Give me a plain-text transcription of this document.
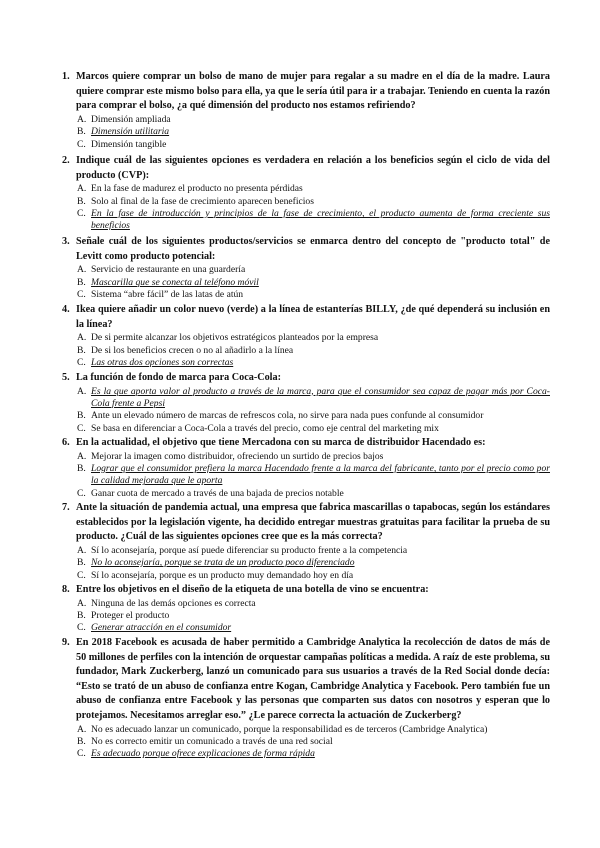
1. Marcos quiere comprar un bolso de mano de mujer para regalar a su madre en el día de la madre. Laura quiere comprar este mismo bolso para ella, ya que le sería útil para ir a trabajar. Teniendo en cuenta la razón para comprar el bolso, ¿a qué dimensión del producto nos estamos refiriendo?
A. Dimensión ampliada
B. Dimensión utilitaria
C. Dimensión tangible
2. Indique cuál de las siguientes opciones es verdadera en relación a los beneficios según el ciclo de vida del producto (CVP):
A. En la fase de madurez el producto no presenta pérdidas
B. Solo al final de la fase de crecimiento aparecen beneficios
C. En la fase de introducción y principios de la fase de crecimiento, el producto aumenta de forma creciente sus beneficios
3. Señale cuál de los siguientes productos/servicios se enmarca dentro del concepto de "producto total" de Levitt como producto potencial:
A. Servicio de restaurante en una guardería
B. Mascarilla que se conecta al teléfono móvil
C. Sistema “abre fácil” de las latas de atún
4. Ikea quiere añadir un color nuevo (verde) a la línea de estanterías BILLY, ¿de qué dependerá su inclusión en la línea?
A. De si permite alcanzar los objetivos estratégicos planteados por la empresa
B. De si los beneficios crecen o no al añadirlo a la línea
C. Las otras dos opciones son correctas
5. La función de fondo de marca para Coca-Cola:
A. Es la que aporta valor al producto a través de la marca, para que el consumidor sea capaz de pagar más por Coca-Cola frente a Pepsi
B. Ante un elevado número de marcas de refrescos cola, no sirve para nada pues confunde al consumidor
C. Se basa en diferenciar a Coca-Cola a través del precio, como eje central del marketing mix
6. En la actualidad, el objetivo que tiene Mercadona con su marca de distribuidor Hacendado es:
A. Mejorar la imagen como distribuidor, ofreciendo un surtido de precios bajos
B. Lograr que el consumidor prefiera la marca Hacendado frente a la marca del fabricante, tanto por el precio como por la calidad mejorada que le aporta
C. Ganar cuota de mercado a través de una bajada de precios notable
7. Ante la situación de pandemia actual, una empresa que fabrica mascarillas o tapabocas, según los estándares establecidos por la legislación vigente, ha decidido entregar muestras gratuitas para facilitar la prueba de su producto. ¿Cuál de las siguientes opciones cree que es la más correcta?
A. Sí lo aconsejaría, porque así puede diferenciar su producto frente a la competencia
B. No lo aconsejaría, porque se trata de un producto poco diferenciado
C. Sí lo aconsejaría, porque es un producto muy demandado hoy en día
8. Entre los objetivos en el diseño de la etiqueta de una botella de vino se encuentra:
A. Ninguna de las demás opciones es correcta
B. Proteger el producto
C. Generar atracción en el consumidor
9. En 2018 Facebook es acusada de haber permitido a Cambridge Analytica la recolección de datos de más de 50 millones de perfiles con la intención de orquestar campañas políticas a medida. A raíz de este problema, su fundador, Mark Zuckerberg, lanzó un comunicado para sus usuarios a través de la Red Social donde decía: “Esto se trató de un abuso de confianza entre Kogan, Cambridge Analytica y Facebook. Pero también fue un abuso de confianza entre Facebook y las personas que comparten sus datos con nosotros y esperan que lo protejamos. Necesitamos arreglar eso.” ¿Le parece correcta la actuación de Zuckerberg?
A. No es adecuado lanzar un comunicado, porque la responsabilidad es de terceros (Cambridge Analytica)
B. No es correcto emitir un comunicado a través de una red social
C. Es adecuado porque ofrece explicaciones de forma rápida
